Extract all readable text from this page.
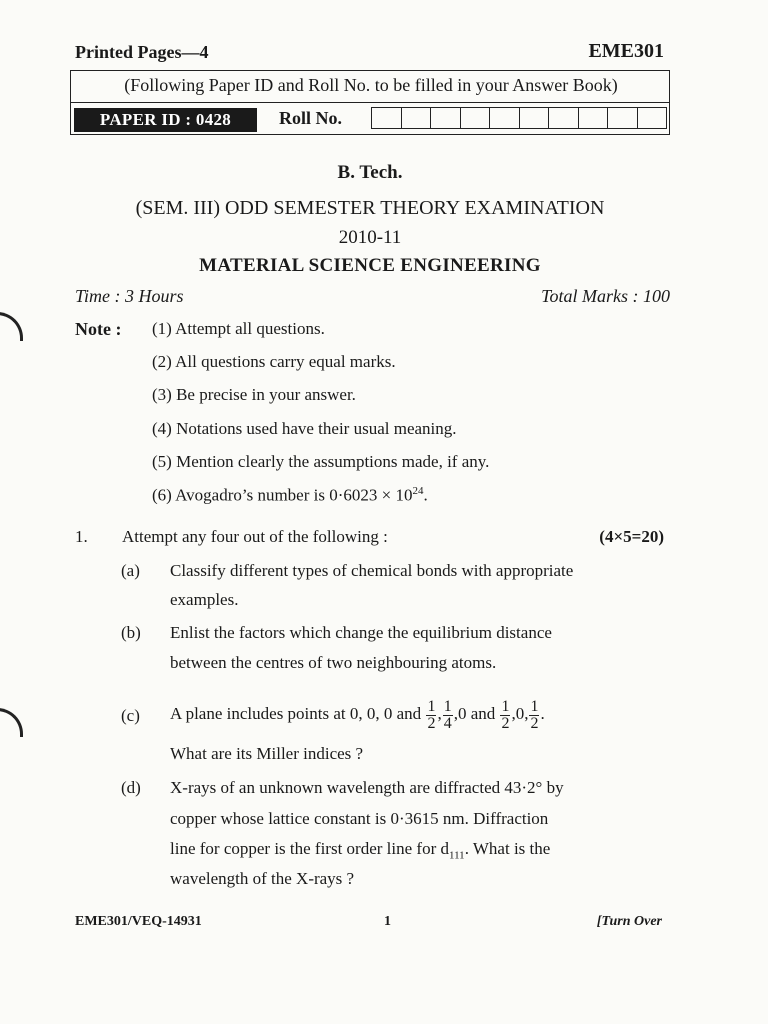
Printed Pages—4	EME301
(Following Paper ID and Roll No. to be filled in your Answer Book)
PAPER ID : 0428	Roll No.
B. Tech.
(SEM. III) ODD SEMESTER THEORY EXAMINATION
2010-11
MATERIAL SCIENCE ENGINEERING
Time : 3 Hours	Total Marks : 100
Note : (1) Attempt all questions.
(2) All questions carry equal marks.
(3) Be precise in your answer.
(4) Notations used have their usual meaning.
(5) Mention clearly the assumptions made, if any.
(6) Avogadro’s number is $0\cdot 6023 \times 10^{24}$.
1. Attempt any four out of the following :	(4×5=20)
(a) Classify different types of chemical bonds with appropriate
examples.
(b) Enlist the factors which change the equilibrium distance
between the centres of two neighbouring atoms.
(c) A plane includes points at 0, 0, 0 and $\frac{1}{2}$ , $\frac{1}{4} ,0$ and $\frac{1}{2} ,0$, $\frac{1}{2}$ .
What are its Miller indices ?
(d) X-rays of an unknown wavelength are diffracted 43·2° by
copper whose lattice constant is 0·3615 nm. Diffraction
line for copper is the first order line for $d_{111}$. What is the
wavelength of the X-rays ?
EME301/VEQ-14931	1	[Turn Over
